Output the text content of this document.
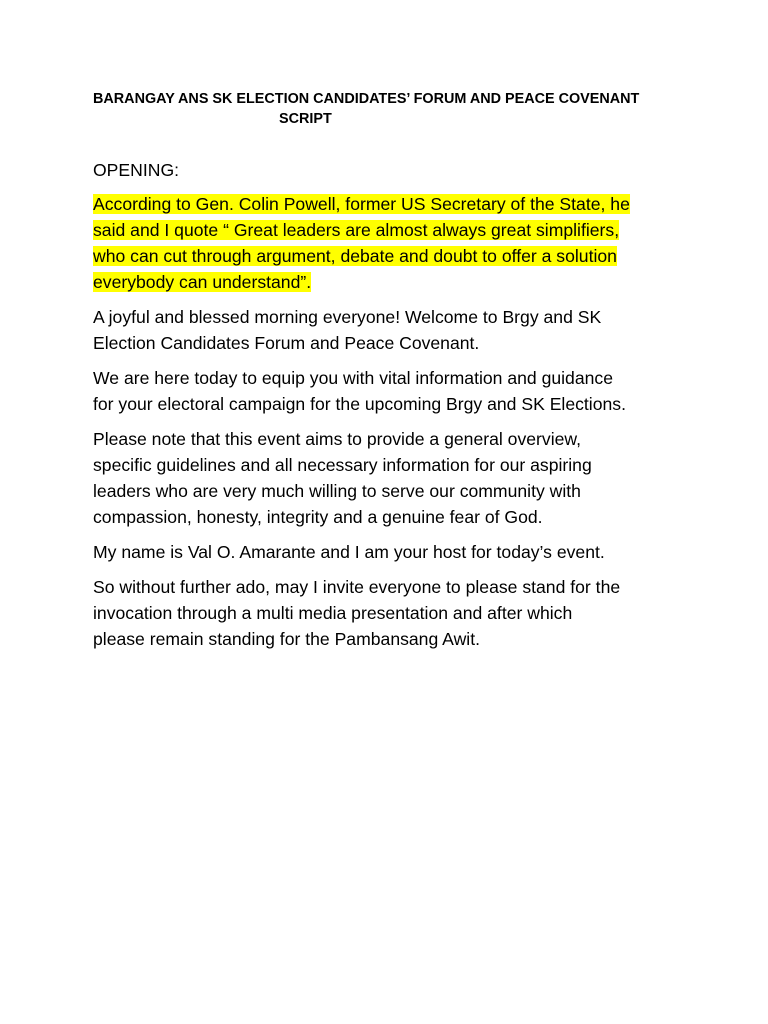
BARANGAY ANS SK ELECTION CANDIDATES’ FORUM AND PEACE COVENANT
SCRIPT

OPENING:

According to Gen. Colin Powell, former US Secretary of the State, he
said and I quote “ Great leaders are almost always great simplifiers,
who can cut through argument, debate and doubt to offer a solution
everybody can understand”.

A joyful and blessed morning everyone! Welcome to Brgy and SK
Election Candidates Forum and Peace Covenant.

We are here today to equip you with vital information and guidance
for your electoral campaign for the upcoming Brgy and SK Elections.

Please note that this event aims to provide a general overview,
specific guidelines and all necessary information for our aspiring
leaders who are very much willing to serve our community with
compassion, honesty, integrity and a genuine fear of God.

My name is Val O. Amarante and I am your host for today’s event.

So without further ado, may I invite everyone to please stand for the
invocation through a multi media presentation and after which
please remain standing for the Pambansang Awit.
